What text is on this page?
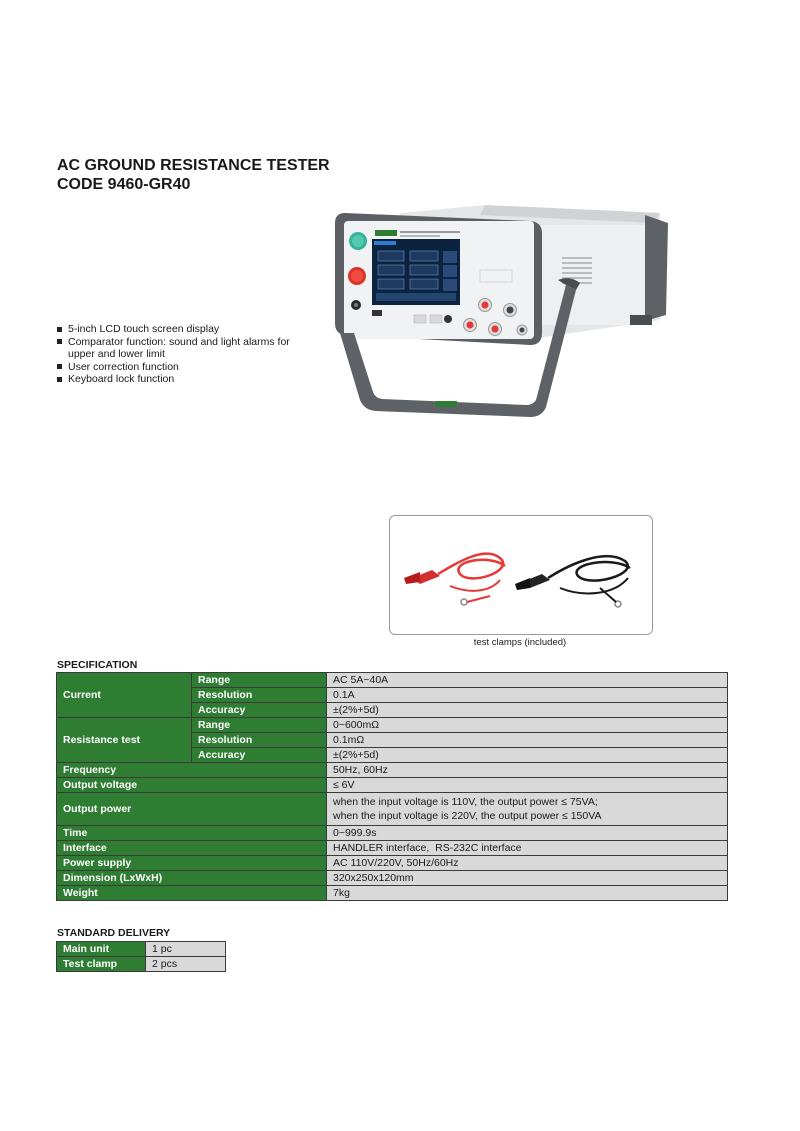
AC GROUND RESISTANCE TESTER
CODE 9460-GR40
5-inch LCD touch screen display
Comparator function: sound and light alarms for upper and lower limit
User correction function
Keyboard lock function
test clamps (included)
SPECIFICATION
Current	Range	AC 5A~40A
	Resolution	0.1A
	Accuracy	±(2%+5d)
Resistance test	Range	0~600mΩ
	Resolution	0.1mΩ
	Accuracy	±(2%+5d)
Frequency		50Hz, 60Hz
Output voltage		≤ 6V
Output power		when the input voltage is 110V, the output power ≤ 75VA;
when the input voltage is 220V, the output power ≤ 150VA

Time		0~999.9s
Interface		HANDLER interface,  RS-232C interface
Power supply		AC 110V/220V, 50Hz/60Hz
Dimension (LxWxH)		320x250x120mm
Weight		7kg
STANDARD DELIVERY
Main unit	1 pc
Test clamp	2 pcs
